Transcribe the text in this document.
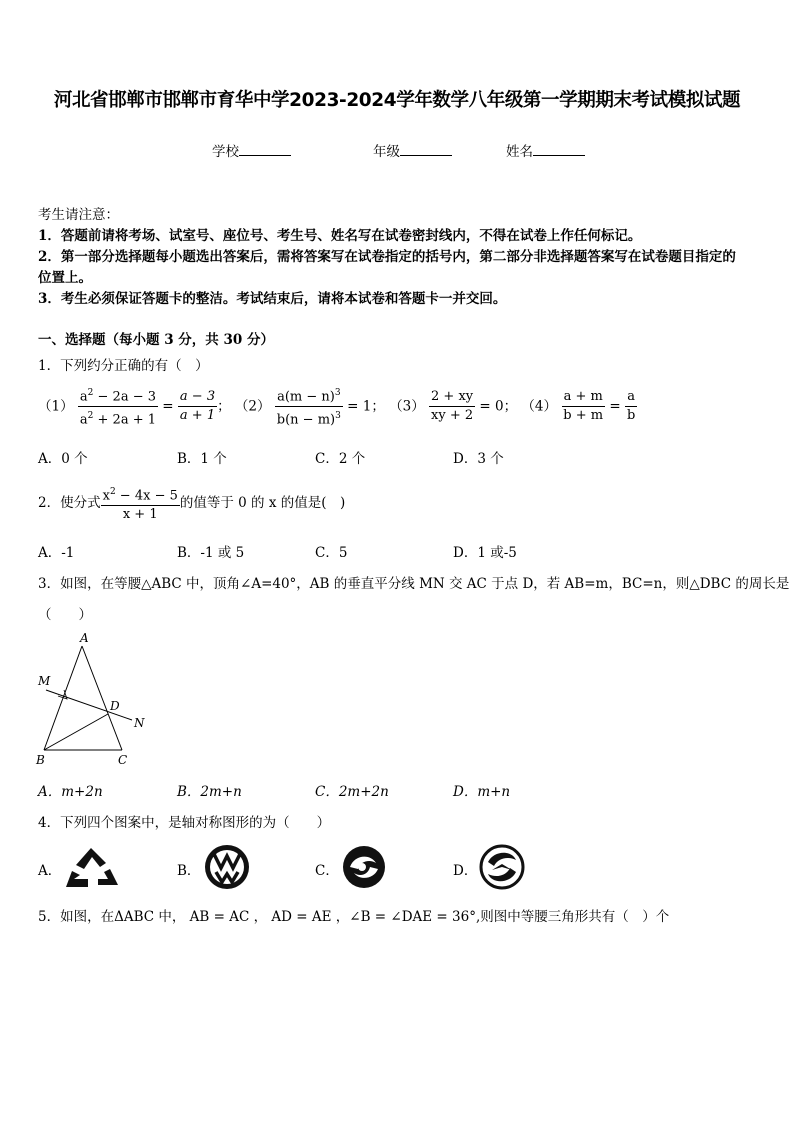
河北省邯郸市邯郸市育华中学2023-2024学年数学八年级第一学期期末考试模拟试题
学校	年级	姓名
考生请注意：
1．答题前请将考场、试室号、座位号、考生号、姓名写在试卷密封线内，不得在试卷上作任何标记。
2．第一部分选择题每小题选出答案后，需将答案写在试卷指定的括号内，第二部分非选择题答案写在试卷题目指定的
位置上。
3．考生必须保证答题卡的整洁。考试结束后，请将本试卷和答题卡一并交回。
一、选择题（每小题 3 分，共 30 分）
1．下列约分正确的有（　）
$(1) \frac{a^2 - 2a - 3}{a^2 + 2a + 1} = \frac{a - 3}{a + 1}$ ； $(2) \frac{a(m - n)^3}{b(n - m)^3} = 1$； $(3) \frac{2 + xy}{xy + 2} = 0$； $(4) \frac{a + m}{b + m} = \frac{a}{b}$
A．0 个	B．1 个	C．2 个	D．3 个
2．使分式 $\frac{x^2 - 4x - 5}{x + 1}$ 的值等于 0 的 x 的值是(　)
A．-1	B．-1 或 5	C．5	D．1 或-5
3．如图，在等腰△ABC 中，顶角∠A=40°，AB 的垂直平分线 MN 交 AC 于点 D，若 AB=m，BC=n，则△DBC 的周长是
（　　）
A
M
D
N
B	C
A．m+2n	B．2m+n	C．2m+2n	D．m+n
4．下列四个图案中，是轴对称图形的为（　　）
A．	B．	C．	D．
5．如图，在ΔABC 中， AB = AC ， AD = AE ，∠B = ∠DAE = 36°,则图中等腰三角形共有（　）个
